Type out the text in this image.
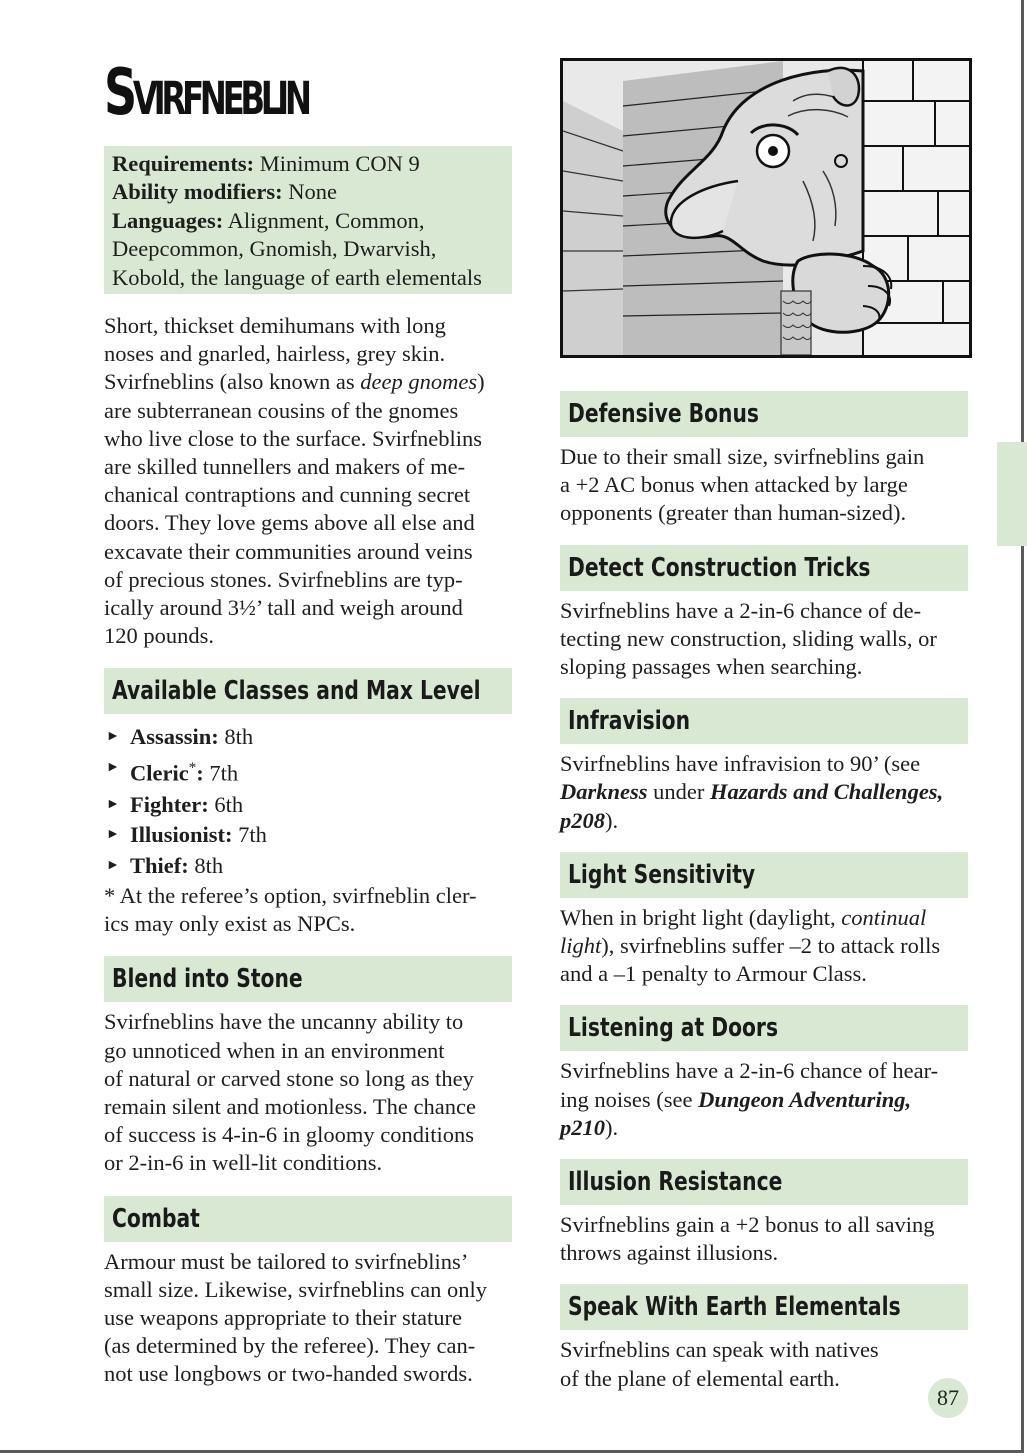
Svirfneblin
Requirements: Minimum CON 9
Ability modifiers: None
Languages: Alignment, Common,
Deepcommon, Gnomish, Dwarvish,
Kobold, the language of earth elementals

Short, thickset demihumans with long
noses and gnarled, hairless, grey skin.
Svirfneblins (also known as deep gnomes)
are subterranean cousins of the gnomes
who live close to the surface. Svirfneblins
are skilled tunnellers and makers of me-
chanical contraptions and cunning secret
doors. They love gems above all else and
excavate their communities around veins
of precious stones. Svirfneblins are typ-
ically around 3½’ tall and weigh around
120 pounds.

Available Classes and Max Level
► Assassin: 8th
► Cleric*: 7th
► Fighter: 6th
► Illusionist: 7th
► Thief: 8th

* At the referee’s option, svirfneblin cler-
ics may only exist as NPCs.

Blend into Stone

Svirfneblins have the uncanny ability to
go unnoticed when in an environment
of natural or carved stone so long as they
remain silent and motionless. The chance
of success is 4-in-6 in gloomy conditions
or 2-in-6 in well-lit conditions.

Combat

Armour must be tailored to svirfneblins’
small size. Likewise, svirfneblins can only
use weapons appropriate to their stature
(as determined by the referee). They can-
not use longbows or two-handed swords.

Defensive Bonus

Due to their small size, svirfneblins gain
a +2 AC bonus when attacked by large
opponents (greater than human-sized).

Detect Construction Tricks

Svirfneblins have a 2-in-6 chance of de-
tecting new construction, sliding walls, or
sloping passages when searching.

Infravision

Svirfneblins have infravision to 90’ (see
Darkness under Hazards and Challenges,
p208).

Light Sensitivity

When in bright light (daylight, continual
light), svirfneblins suffer –2 to attack rolls
and a –1 penalty to Armour Class.

Listening at Doors

Svirfneblins have a 2-in-6 chance of hear-
ing noises (see Dungeon Adventuring,
p210).

Illusion Resistance

Svirfneblins gain a +2 bonus to all saving
throws against illusions.

Speak With Earth Elementals

Svirfneblins can speak with natives
of the plane of elemental earth.

87
